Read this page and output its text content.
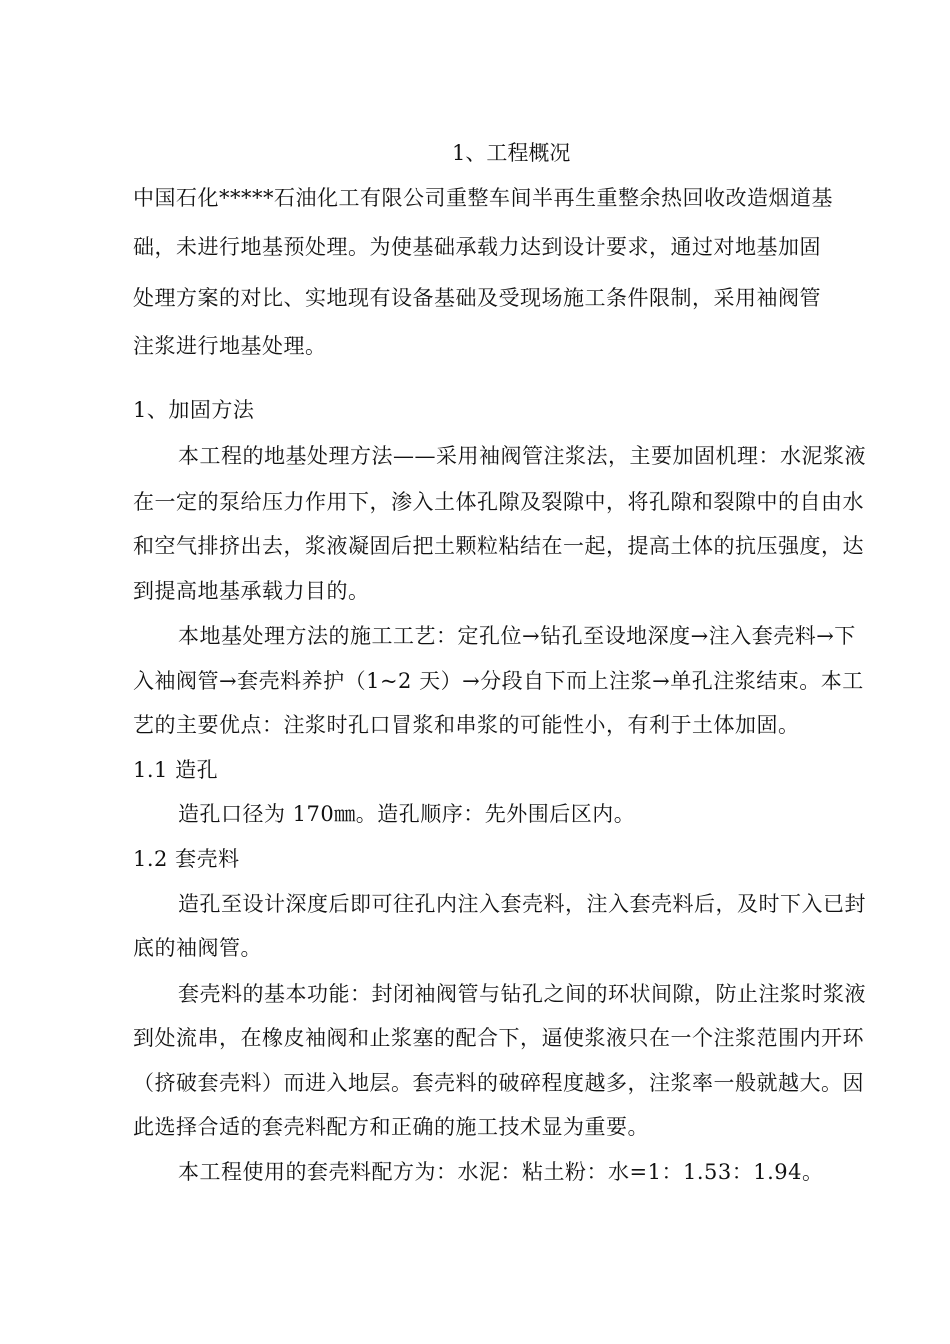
1、工程概况
中国石化*****石油化工有限公司重整车间半再生重整余热回收改造烟道基
础，未进行地基预处理。为使基础承载力达到设计要求，通过对地基加固
处理方案的对比、实地现有设备基础及受现场施工条件限制，采用袖阀管
注浆进行地基处理。
1、加固方法
本工程的地基处理方法——采用袖阀管注浆法，主要加固机理：水泥浆液
在一定的泵给压力作用下，渗入土体孔隙及裂隙中，将孔隙和裂隙中的自由水
和空气排挤出去，浆液凝固后把土颗粒粘结在一起，提高土体的抗压强度，达
到提高地基承载力目的。
本地基处理方法的施工工艺：定孔位→钻孔至设地深度→注入套壳料→下
入袖阀管→套壳料养护（1~2 天）→分段自下而上注浆→单孔注浆结束。本工
艺的主要优点：注浆时孔口冒浆和串浆的可能性小，有利于土体加固。
1.1 造孔
造孔口径为 170㎜。造孔顺序：先外围后区内。
1.2 套壳料
造孔至设计深度后即可往孔内注入套壳料，注入套壳料后，及时下入已封
底的袖阀管。
套壳料的基本功能：封闭袖阀管与钻孔之间的环状间隙，防止注浆时浆液
到处流串，在橡皮袖阀和止浆塞的配合下，逼使浆液只在一个注浆范围内开环
（挤破套壳料）而进入地层。套壳料的破碎程度越多，注浆率一般就越大。因
此选择合适的套壳料配方和正确的施工技术显为重要。
本工程使用的套壳料配方为：水泥：粘土粉：水=1：1.53：1.94。
